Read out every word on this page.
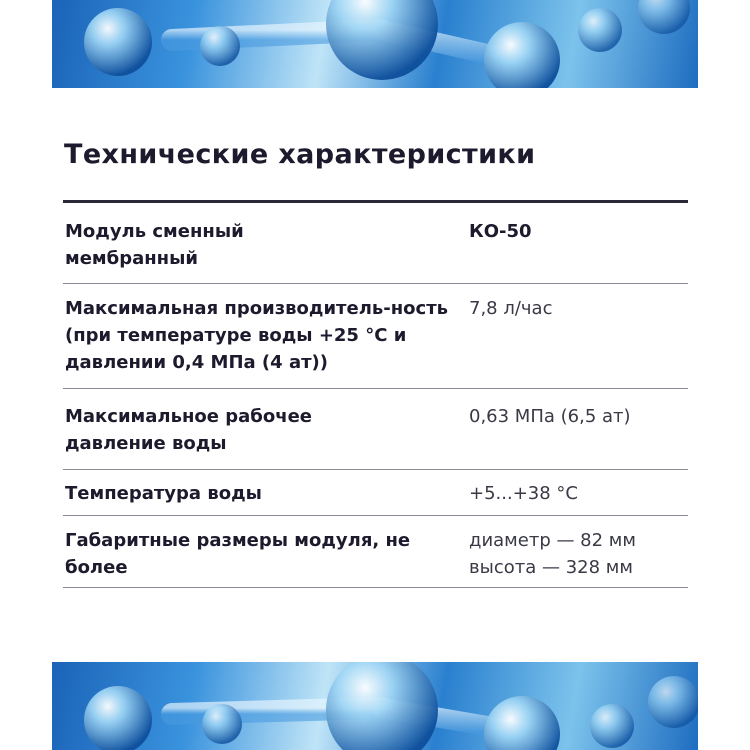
Технические характеристики
Модуль сменный мембранный
КО-50
Максимальная производитель-ность (при температуре воды +25 °С и давлении 0,4 МПа (4 ат))
7,8 л/час
Максимальное рабочее давление воды
0,63 МПа (6,5 ат)
Температура воды	+5...+38 °С
Габаритные размеры модуля, не более
диаметр — 82 мм
высота — 328 мм
